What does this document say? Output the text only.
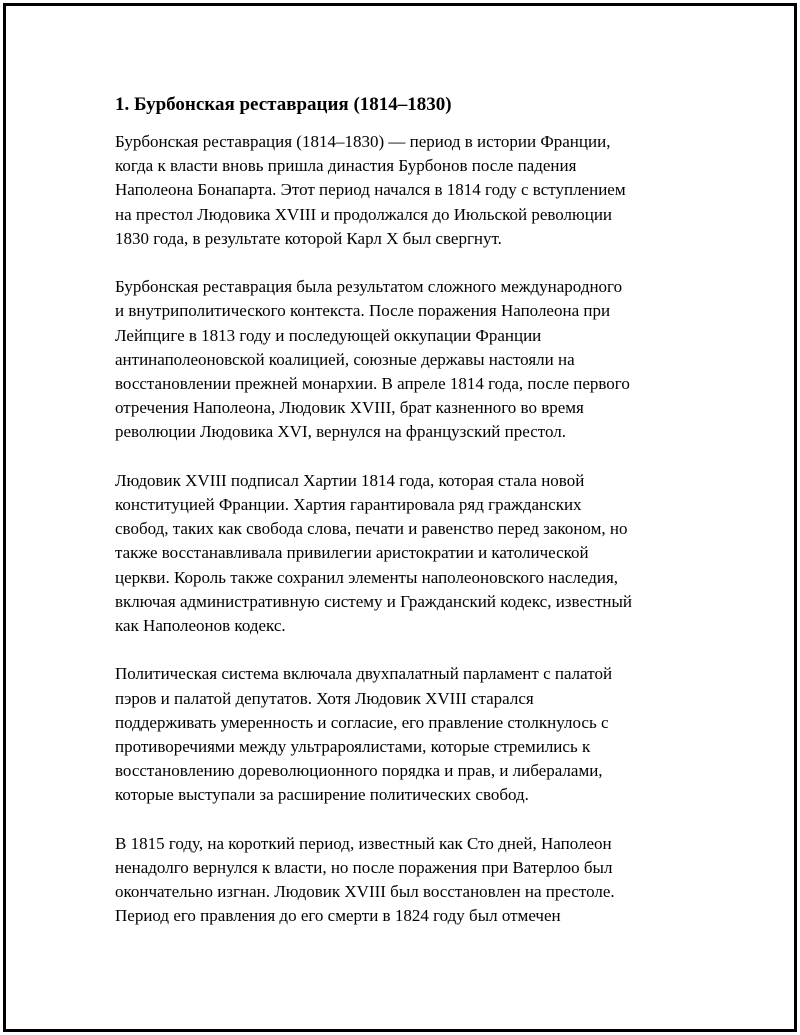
1. Бурбонская реставрация (1814–1830)
Бурбонская реставрация (1814–1830) — период в истории Франции,
когда к власти вновь пришла династия Бурбонов после падения
Наполеона Бонапарта. Этот период начался в 1814 году с вступлением
на престол Людовика XVIII и продолжался до Июльской революции
1830 года, в результате которой Карл X был свергнут.
Бурбонская реставрация была результатом сложного международного
и внутриполитического контекста. После поражения Наполеона при
Лейпциге в 1813 году и последующей оккупации Франции
антинаполеоновской коалицией, союзные державы настояли на
восстановлении прежней монархии. В апреле 1814 года, после первого
отречения Наполеона, Людовик XVIII, брат казненного во время
революции Людовика XVI, вернулся на французский престол.
Людовик XVIII подписал Хартии 1814 года, которая стала новой
конституцией Франции. Хартия гарантировала ряд гражданских
свобод, таких как свобода слова, печати и равенство перед законом, но
также восстанавливала привилегии аристократии и католической
церкви. Король также сохранил элементы наполеоновского наследия,
включая административную систему и Гражданский кодекс, известный
как Наполеонов кодекс.
Политическая система включала двухпалатный парламент с палатой
пэров и палатой депутатов. Хотя Людовик XVIII старался
поддерживать умеренность и согласие, его правление столкнулось с
противоречиями между ультрароялистами, которые стремились к
восстановлению дореволюционного порядка и прав, и либералами,
которые выступали за расширение политических свобод.
В 1815 году, на короткий период, известный как Сто дней, Наполеон
ненадолго вернулся к власти, но после поражения при Ватерлоо был
окончательно изгнан. Людовик XVIII был восстановлен на престоле.
Период его правления до его смерти в 1824 году был отмечен
